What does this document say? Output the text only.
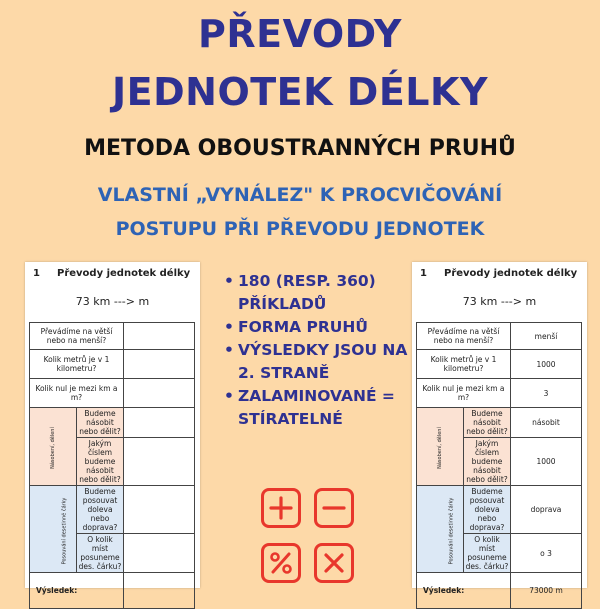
PŘEVODY
JEDNOTEK DÉLKY
METODA OBOUSTRANNÝCH PRUHŮ
VLASTNÍ „VYNÁLEZ" K PROCVIČOVÁNÍ
POSTUPU PŘI PŘEVODU JEDNOTEK
1 Převody jednotek délky
73 km ---> m
Převádíme na větší nebo na menší?		
Kolik metrů je v 1 kilometru?		
Kolik nul je mezi km a m?		
Násobení, dělení	Budeme násobit nebo dělit?	
	Jakým číslem budeme násobit nebo dělit?	
Posouvání desetinné čárky	Budeme posouvat doleva nebo doprava?	
	O kolik míst posuneme des. čárku?	
Výsledek:		
• 180 (RESP. 360) PŘÍKLADŮ
• FORMA PRUHŮ
• VÝSLEDKY JSOU NA 2. STRANĚ
• ZALAMINOVANÉ = STÍRATELNÉ
1 Převody jednotek délky
73 km ---> m
Převádíme na větší nebo na menší?		menší
Kolik metrů je v 1 kilometru?		1000
Kolik nul je mezi km a m?		3
Násobení, dělení	Budeme násobit nebo dělit?	násobit
	Jakým číslem budeme násobit nebo dělit?	1000
Posouvání desetinné čárky	Budeme posouvat doleva nebo doprava?	doprava
	O kolik míst posuneme des. čárku?	o 3
Výsledek:		73000 m
